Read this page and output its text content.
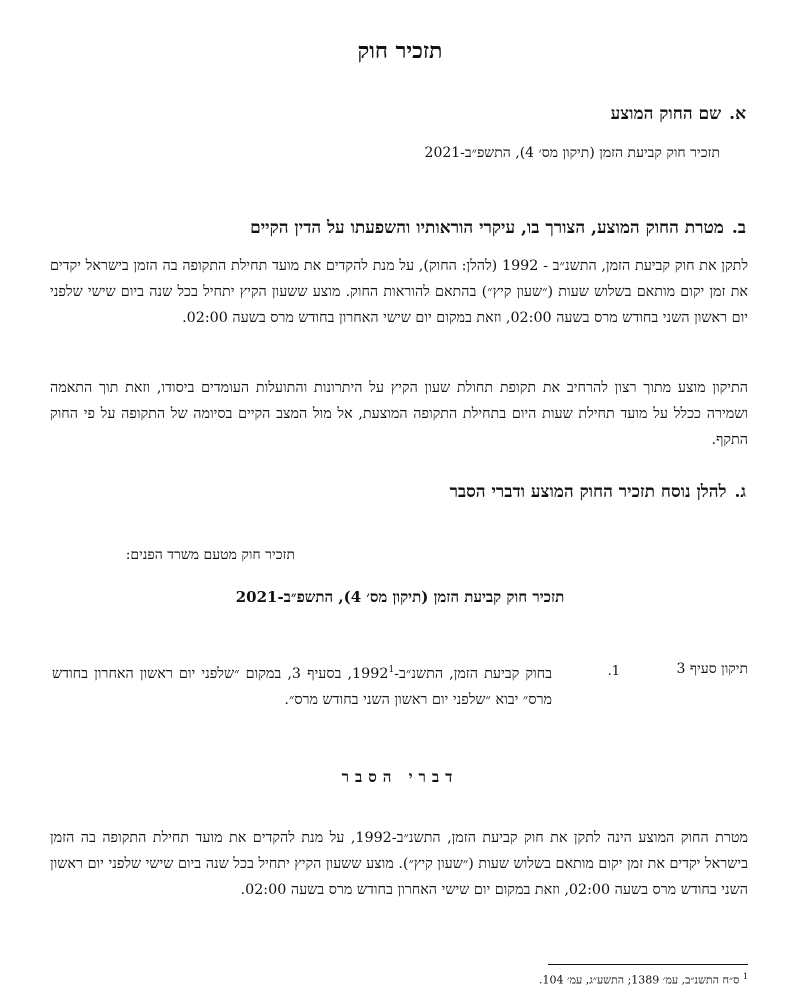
תזכיר חוק
א.שם החוק המוצע

תזכיר חוק קביעת הזמן (תיקון מס׳ 4), התשפ״ב-2021

ב.מטרת החוק המוצע, הצורך בו, עיקרי הוראותיו והשפעתו על הדין הקיים

לתקן את חוק קביעת הזמן, התשנ״ב - 1992 (להלן: החוק), על מנת להקדים את מועד תחילת התקופה בה הזמן בישראל יקדים את זמן יקום מותאם בשלוש שעות (״שעון קיץ״) בהתאם להוראות החוק. מוצע ששעון הקיץ יתחיל בכל שנה ביום שישי שלפני יום ראשון השני בחודש מרס בשעה 02:00, וזאת במקום יום שישי האחרון בחודש מרס בשעה 02:00.

התיקון מוצע מתוך רצון להרחיב את תקופת תחולת שעון הקיץ על היתרונות והתועלות העומדים ביסודו, וזאת תוך התאמה ושמירה ככלל על מועד תחילת שעות היום בתחילת התקופה המוצעת, אל מול המצב הקיים בסיומה של התקופה על פי החוק התקף.

ג.להלן נוסח תזכיר החוק המוצע ודברי הסבר

תזכיר חוק מטעם משרד הפנים:

תזכיר חוק קביעת הזמן (תיקון מס׳ 4), התשפ״ב-2021
תיקון סעיף 3
1.

בחוק קביעת הזמן, התשנ״ב-1992$^1$, בסעיף 3, במקום ״שלפני יום ראשון האחרון בחודש מרס״ יבוא ״שלפני יום ראשון השני בחודש מרס״.

דברי הסבר

מטרת החוק המוצע הינה לתקן את חוק קביעת הזמן, התשנ״ב-1992, על מנת להקדים את מועד תחילת התקופה בה הזמן בישראל יקדים את זמן יקום מותאם בשלוש שעות (״שעון קיץ״). מוצע ששעון הקיץ יתחיל בכל שנה ביום שישי שלפני יום ראשון השני בחודש מרס בשעה 02:00, וזאת במקום יום שישי האחרון בחודש מרס בשעה 02:00.

$^1$ ס״ח התשנ״ב, עמ׳ 1389; התשע״ג, עמ׳ 104.
